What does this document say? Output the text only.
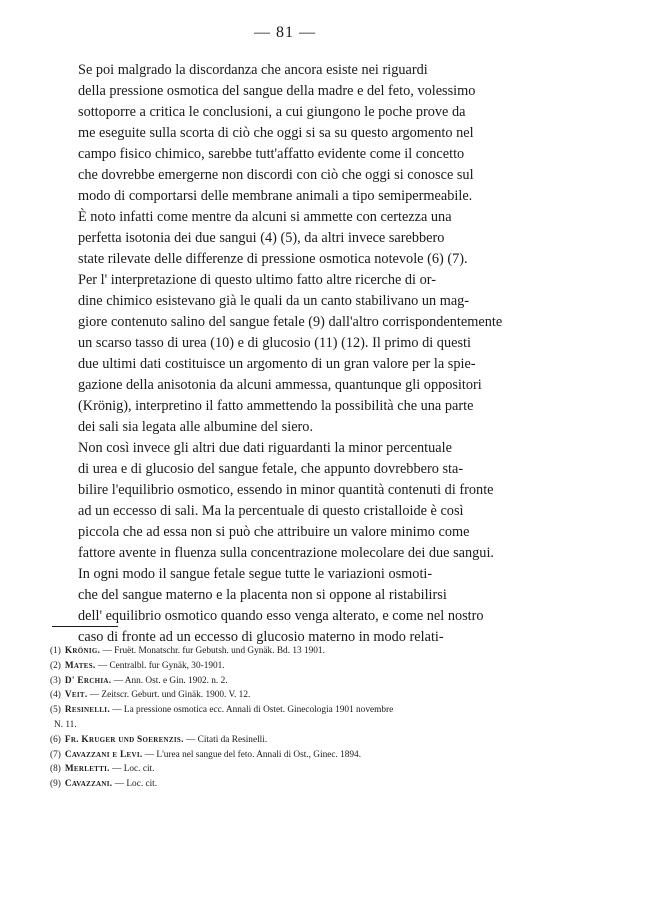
— 81 —

Se poi malgrado la discordanza che ancora esiste nei riguardi
della pressione osmotica del sangue della madre e del feto, volessimo
sottoporre a critica le conclusioni, a cui giungono le poche prove da
me eseguite sulla scorta di ciò che oggi si sa su questo argomento nel
campo fisico chimico, sarebbe tutt'affatto evidente come il concetto
che dovrebbe emergerne non discordi con ciò che oggi si conosce sul
modo di comportarsi delle membrane animali a tipo semipermeabile.

È noto infatti come mentre da alcuni si ammette con certezza una
perfetta isotonia dei due sangui (4) (5), da altri invece sarebbero
state rilevate delle differenze di pressione osmotica notevole (6) (7).

Per l' interpretazione di questo ultimo fatto altre ricerche di or-
dine chimico esistevano già le quali da un canto stabilivano un mag-
giore contenuto salino del sangue fetale (9) dall'altro corrispondentemente
un scarso tasso di urea (10) e di glucosio (11) (12). Il primo di questi
due ultimi dati costituisce un argomento di un gran valore per la spie-
gazione della anisotonia da alcuni ammessa, quantunque gli oppositori
(Krönig), interpretino il fatto ammettendo la possibilità che una parte
dei sali sia legata alle albumine del siero.

Non così invece gli altri due dati riguardanti la minor percentuale
di urea e di glucosio del sangue fetale, che appunto dovrebbero sta-
bilire l'equilibrio osmotico, essendo in minor quantità contenuti di fronte
ad un eccesso di sali. Ma la percentuale di questo cristalloide è così
piccola che ad essa non si può che attribuire un valore minimo come
fattore avente in fluenza sulla concentrazione molecolare dei due sangui.

In ogni modo il sangue fetale segue tutte le variazioni osmoti-
che del sangue materno e la placenta non si oppone al ristabilirsi
dell' equilibrio osmotico quando esso venga alterato, e come nel nostro
caso di fronte ad un eccesso di glucosio materno in modo relati-

(1) Krönig. — Fruët. Monatschr. fur Gebutsh. und Gynäk. Bd. 13 1901.
(2) Mates. — Centralbl. fur Gynäk, 30-1901.
(3) D' Erchia. — Ann. Ost. e Gin. 1902. n. 2.
(4) Veit. — Zeitscr. Geburt. und Ginäk. 1900. V. 12.
(5) Resinelli. — La pressione osmotica ecc. Annali di Ostet. Ginecologia 1901 novembre
N. 11.
(6) Fr. Kruger und Soerenzis. — Citati da Resinelli.
(7) Cavazzani e Levi. — L'urea nel sangue del feto. Annali di Ost., Ginec. 1894.
(8) Merletti. — Loc. cit.
(9) Cavazzani. — Loc. cit.
